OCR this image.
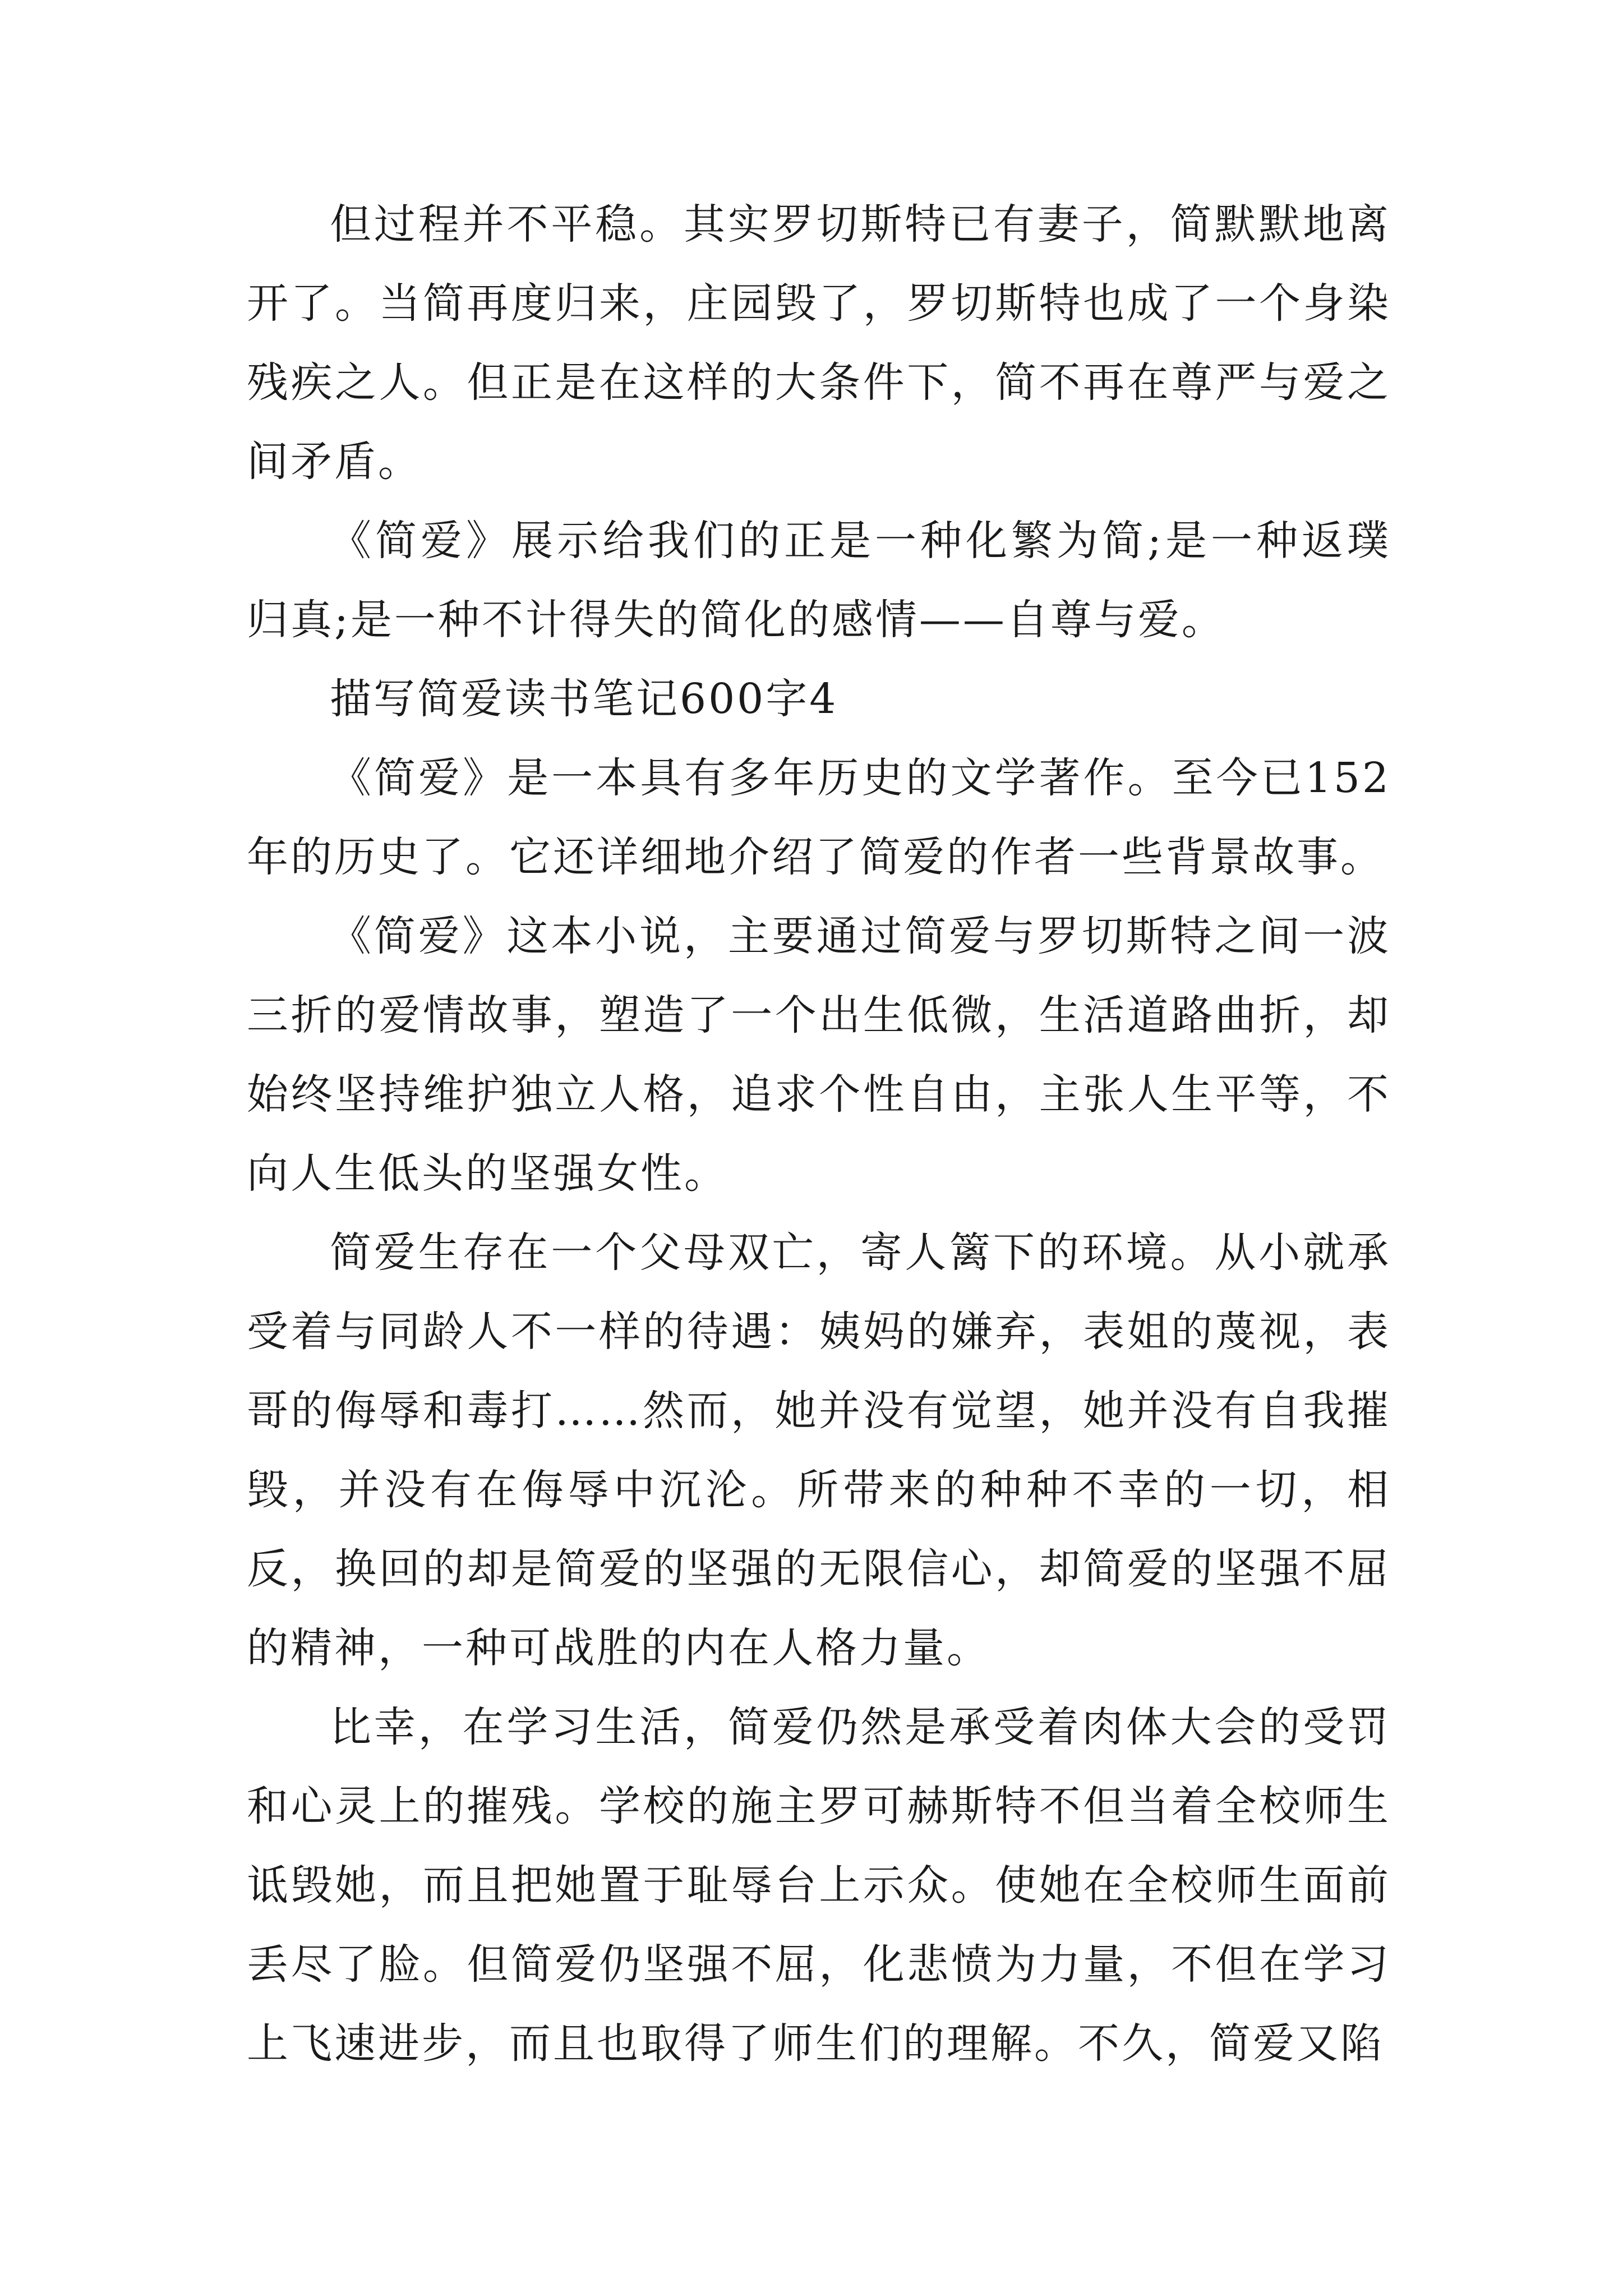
但过程并不平稳。其实罗切斯特已有妻子，简默默地离开了。当简再度归来，庄园毁了，罗切斯特也成了一个身染残疾之人。但正是在这样的大条件下，简不再在尊严与爱之间矛盾。

《简爱》展示给我们的正是一种化繁为简;是一种返璞归真;是一种不计得失的简化的感情——自尊与爱。

描写简爱读书笔记600字4

《简爱》是一本具有多年历史的文学著作。至今已152年的历史了。它还详细地介绍了简爱的作者一些背景故事。

《简爱》这本小说，主要通过简爱与罗切斯特之间一波三折的爱情故事，塑造了一个出生低微，生活道路曲折，却始终坚持维护独立人格，追求个性自由，主张人生平等，不向人生低头的坚强女性。

简爱生存在一个父母双亡，寄人篱下的环境。从小就承受着与同龄人不一样的待遇：姨妈的嫌弃，表姐的蔑视，表哥的侮辱和毒打……然而，她并没有觉望，她并没有自我摧毁，并没有在侮辱中沉沦。所带来的种种不幸的一切，相反，换回的却是简爱的坚强的无限信心，却简爱的坚强不屈的精神，一种可战胜的内在人格力量。

比幸，在学习生活，简爱仍然是承受着肉体大会的受罚和心灵上的摧残。学校的施主罗可赫斯特不但当着全校师生诋毁她，而且把她置于耻辱台上示众。使她在全校师生面前丢尽了脸。但简爱仍坚强不屈，化悲愤为力量，不但在学习上飞速进步，而且也取得了师生们的理解。不久，简爱又陷
